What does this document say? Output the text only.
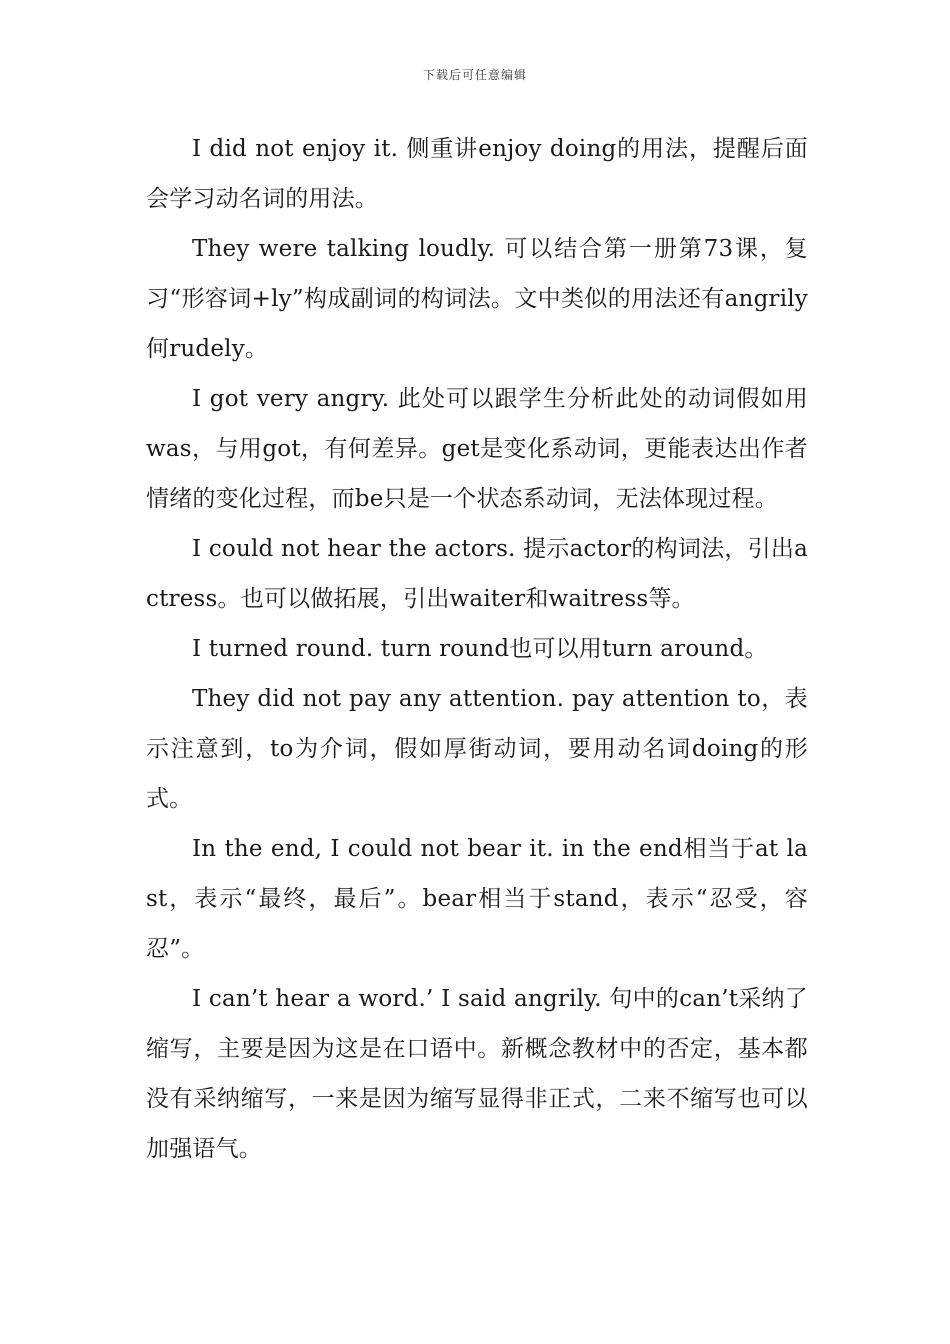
下载后可任意编辑

I did not enjoy it. 侧重讲enjoy doing的用法，提醒后面会学习动名词的用法。

They were talking loudly. 可以结合第一册第73课，复习“形容词+ly”构成副词的构词法。文中类似的用法还有angrily何rudely。

I got very angry. 此处可以跟学生分析此处的动词假如用was，与用got，有何差异。get是变化系动词，更能表达出作者情绪的变化过程，而be只是一个状态系动词，无法体现过程。

I could not hear the actors. 提示actor的构词法，引出actress。也可以做拓展，引出waiter和waitress等。

I turned round. turn round也可以用turn around。

They did not pay any attention. pay attention to，表示注意到，to为介词，假如厚街动词，要用动名词doing的形式。

In the end, I could not bear it. in the end相当于at last，表示“最终，最后”。bear相当于stand，表示“忍受，容忍”。

I can’t hear a word.’ I said angrily. 句中的can’t采纳了缩写，主要是因为这是在口语中。新概念教材中的否定，基本都没有采纳缩写，一来是因为缩写显得非正式，二来不缩写也可以加强语气。
